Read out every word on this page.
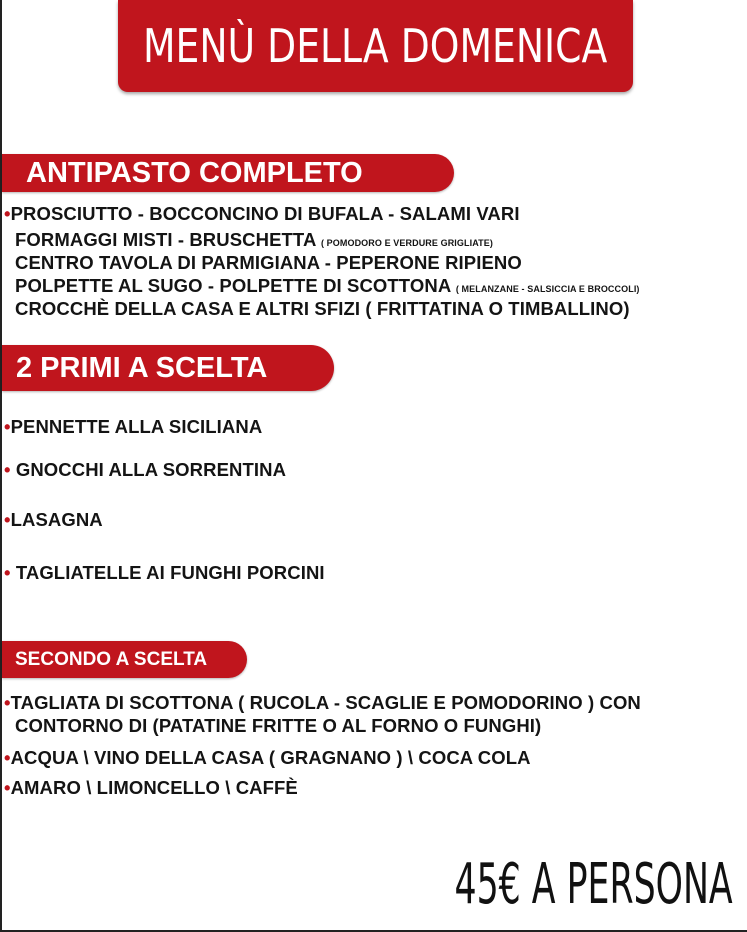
MENÙ DELLA DOMENICA
ANTIPASTO COMPLETO
•PROSCIUTTO - BOCCONCINO DI BUFALA - SALAMI VARI
FORMAGGI MISTI - BRUSCHETTA ( POMODORO E VERDURE GRIGLIATE)
CENTRO TAVOLA DI PARMIGIANA - PEPERONE RIPIENO
POLPETTE AL SUGO - POLPETTE DI SCOTTONA ( MELANZANE - SALSICCIA E BROCCOLI)
CROCCHÈ DELLA CASA E ALTRI SFIZI ( FRITTATINA O TIMBALLINO)
2 PRIMI A SCELTA
•PENNETTE ALLA SICILIANA
• GNOCCHI ALLA SORRENTINA
•LASAGNA
• TAGLIATELLE AI FUNGHI PORCINI
SECONDO A SCELTA
•TAGLIATA DI SCOTTONA ( RUCOLA - SCAGLIE E POMODORINO ) CON
CONTORNO DI (PATATINE FRITTE O AL FORNO O FUNGHI)
•ACQUA \ VINO DELLA CASA ( GRAGNANO ) \ COCA COLA
•AMARO \ LIMONCELLO \ CAFFÈ
45€ A PERSONA
